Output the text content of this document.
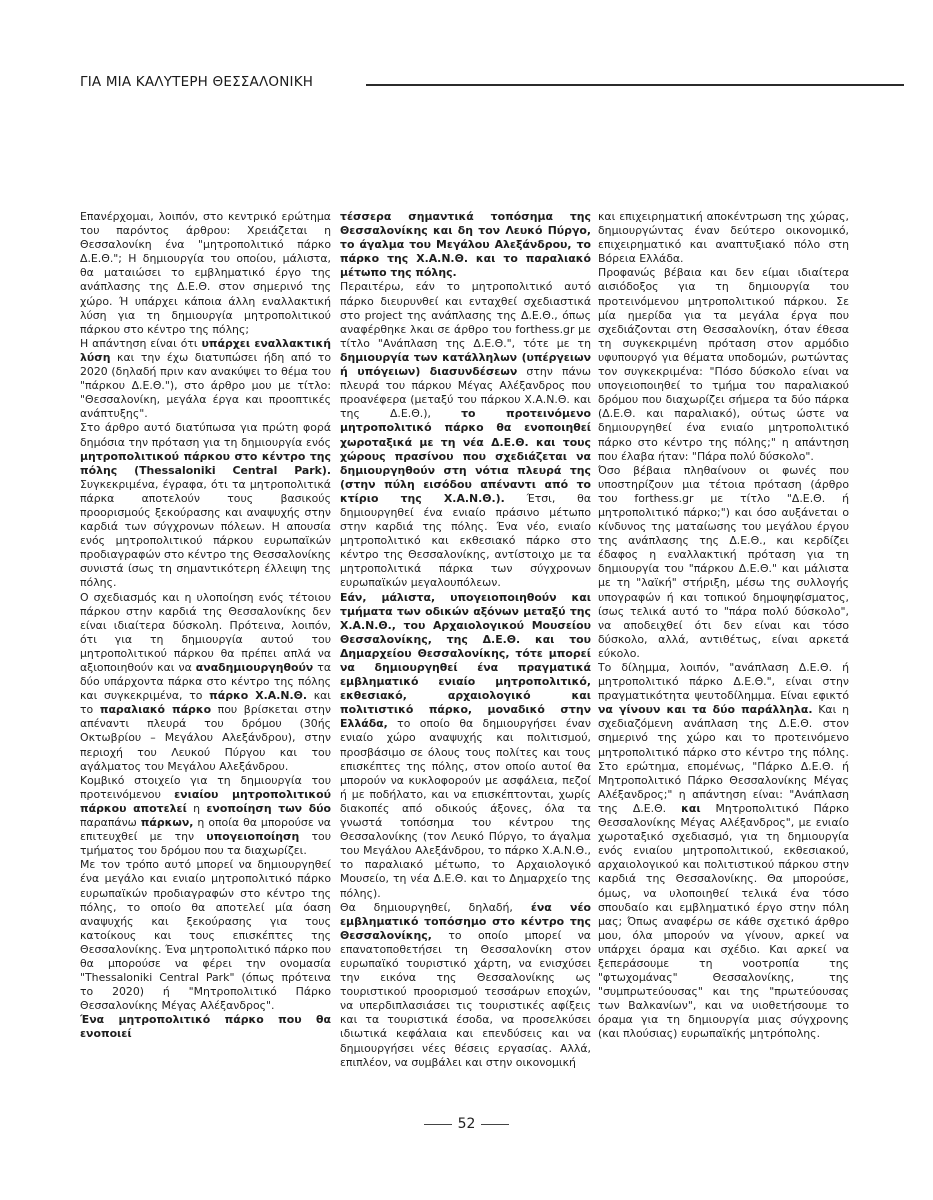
ΓΙΑ ΜΙΑ ΚΑΛΥΤΕΡΗ ΘΕΣΣΑΛΟΝΙΚΗ

Επανέρχομαι, λοιπόν, στο κεντρικό ερώτημα του παρόντος άρθρου: Χρειάζεται η Θεσσαλονίκη ένα "μητροπολιτικό πάρκο Δ.Ε.Θ."; Η δημιουργία του οποίου, μάλιστα, θα ματαιώσει το εμβληματικό έργο της ανάπλασης της Δ.Ε.Θ. στον σημερινό της χώρο. Ή υπάρχει κάποια άλλη εναλλακτική λύση για τη δημιουργία μητροπολιτικού πάρκου στο κέντρο της πόλης;

Η απάντηση είναι ότι υπάρχει εναλλακτική λύση και την έχω διατυπώσει ήδη από το 2020 (δηλαδή πριν καν ανακύψει το θέμα του "πάρκου Δ.Ε.Θ."), στο άρθρο μου με τίτλο: "Θεσσαλονίκη, μεγάλα έργα και προοπτικές ανάπτυξης".

Στο άρθρο αυτό διατύπωσα για πρώτη φορά δημόσια την πρόταση για τη δημιουργία ενός μητροπολιτικού πάρκου στο κέντρο της πόλης (Thessaloniki Central Park). Συγκεκριμένα, έγραφα, ότι τα μητροπολιτικά πάρκα αποτελούν τους βασικούς προορισμούς ξεκούρασης και αναψυχής στην καρδιά των σύγχρονων πόλεων. Η απουσία ενός μητροπολιτικού πάρκου ευρωπαϊκών προδιαγραφών στο κέντρο της Θεσσαλονίκης συνιστά ίσως τη σημαντικότερη έλλειψη της πόλης.

Ο σχεδιασμός και η υλοποίηση ενός τέτοιου πάρκου στην καρδιά της Θεσσαλονίκης δεν είναι ιδιαίτερα δύσκολη. Πρότεινα, λοιπόν, ότι για τη δημιουργία αυτού του μητροπολιτικού πάρκου θα πρέπει απλά να αξιοποιηθούν και να αναδημιουργηθούν τα δύο υπάρχοντα πάρκα στο κέντρο της πόλης και συγκεκριμένα, το πάρκο Χ.Α.Ν.Θ. και το παραλιακό πάρκο που βρίσκεται στην απέναντι πλευρά του δρόμου (30ής Οκτωβρίου – Μεγάλου Αλεξάνδρου), στην περιοχή του Λευκού Πύργου και του αγάλματος του Μεγάλου Αλεξάνδρου.

Κομβικό στοιχείο για τη δημιουργία του προτεινόμενου ενιαίου μητροπολιτικού πάρκου αποτελεί η ενοποίηση των δύο παραπάνω πάρκων, η οποία θα μπορούσε να επιτευχθεί με την υπογειοποίηση του τμήματος του δρόμου που τα διαχωρίζει.

Με τον τρόπο αυτό μπορεί να δημιουργηθεί ένα μεγάλο και ενιαίο μητροπολιτικό πάρκο ευρωπαϊκών προδιαγραφών στο κέντρο της πόλης, το οποίο θα αποτελεί μία όαση αναψυχής και ξεκούρασης για τους κατοίκους και τους επισκέπτες της Θεσσαλονίκης. Ένα μητροπολιτικό πάρκο που θα μπορούσε να φέρει την ονομασία "Thessaloniki Central Park" (όπως πρότεινα το 2020) ή "Μητροπολιτικό Πάρκο Θεσσαλονίκης Μέγας Αλέξανδρος".

Ένα μητροπολιτικό πάρκο που θα ενοποιεί

τέσσερα σημαντικά τοπόσημα της Θεσσαλονίκης και δη τον Λευκό Πύργο, το άγαλμα του Μεγάλου Αλεξάνδρου, το πάρκο της Χ.Α.Ν.Θ. και το παραλιακό μέτωπο της πόλης.

Περαιτέρω, εάν το μητροπολιτικό αυτό πάρκο διευρυνθεί και ενταχθεί σχεδιαστικά στο project της ανάπλασης της Δ.Ε.Θ., όπως αναφέρθηκε λκαι σε άρθρο του forthess.gr με τίτλο "Ανάπλαση της Δ.Ε.Θ.", τότε με τη δημιουργία των κατάλληλων (υπέργειων ή υπόγειων) διασυνδέσεων στην πάνω πλευρά του πάρκου Μέγας Αλέξανδρος που προανέφερα (μεταξύ του πάρκου Χ.Α.Ν.Θ. και της Δ.Ε.Θ.), το προτεινόμενο μητροπολιτικό πάρκο θα ενοποιηθεί χωροταξικά με τη νέα Δ.Ε.Θ. και τους χώρους πρασίνου που σχεδιάζεται να δημιουργηθούν στη νότια πλευρά της (στην πύλη εισόδου απέναντι από το κτίριο της Χ.Α.Ν.Θ.). Έτσι, θα δημιουργηθεί ένα ενιαίο πράσινο μέτωπο στην καρδιά της πόλης. Ένα νέο, ενιαίο μητροπολιτικό και εκθεσιακό πάρκο στο κέντρο της Θεσσαλονίκης, αντίστοιχο με τα μητροπολιτικά πάρκα των σύγχρονων ευρωπαϊκών μεγαλουπόλεων.

Εάν, μάλιστα, υπογειοποιηθούν και τμήματα των οδικών αξόνων μεταξύ της Χ.Α.Ν.Θ., του Αρχαιολογικού Μουσείου Θεσσαλονίκης, της Δ.Ε.Θ. και του Δημαρχείου Θεσσαλονίκης, τότε μπορεί να δημιουργηθεί ένα πραγματικά εμβληματικό ενιαίο μητροπολιτικό, εκθεσιακό, αρχαιολογικό και πολιτιστικό πάρκο, μοναδικό στην Ελλάδα, το οποίο θα δημιουργήσει έναν ενιαίο χώρο αναψυχής και πολιτισμού, προσβάσιμο σε όλους τους πολίτες και τους επισκέπτες της πόλης, στον οποίο αυτοί θα μπορούν να κυκλοφορούν με ασφάλεια, πεζοί ή με ποδήλατο, και να επισκέπτονται, χωρίς διακοπές από οδικούς άξονες, όλα τα γνωστά τοπόσημα του κέντρου της Θεσσαλονίκης (τον Λευκό Πύργο, το άγαλμα του Μεγάλου Αλεξάνδρου, το πάρκο Χ.Α.Ν.Θ., το παραλιακό μέτωπο, το Αρχαιολογικό Μουσείο, τη νέα Δ.Ε.Θ. και το Δημαρχείο της πόλης).

Θα δημιουργηθεί, δηλαδή, ένα νέο εμβληματικό τοπόσημο στο κέντρο της Θεσσαλονίκης, το οποίο μπορεί να επανατοποθετήσει τη Θεσσαλονίκη στον ευρωπαϊκό τουριστικό χάρτη, να ενισχύσει την εικόνα της Θεσσαλονίκης ως τουριστικού προορισμού τεσσάρων εποχών, να υπερδιπλασιάσει τις τουριστικές αφίξεις και τα τουριστικά έσοδα, να προσελκύσει ιδιωτικά κεφάλαια και επενδύσεις και να δημιουργήσει νέες θέσεις εργασίας. Αλλά, επιπλέον, να συμβάλει και στην οικονομική

και επιχειρηματική αποκέντρωση της χώρας, δημιουργώντας έναν δεύτερο οικονομικό, επιχειρηματικό και αναπτυξιακό πόλο στη Βόρεια Ελλάδα.

Προφανώς βέβαια και δεν είμαι ιδιαίτερα αισιόδοξος για τη δημιουργία του προτεινόμενου μητροπολιτικού πάρκου. Σε μία ημερίδα για τα μεγάλα έργα που σχεδιάζονται στη Θεσσαλονίκη, όταν έθεσα τη συγκεκριμένη πρόταση στον αρμόδιο υφυπουργό για θέματα υποδομών, ρωτώντας τον συγκεκριμένα: "Πόσο δύσκολο είναι να υπογειοποιηθεί το τμήμα του παραλιακού δρόμου που διαχωρίζει σήμερα τα δύο πάρκα (Δ.Ε.Θ. και παραλιακό), ούτως ώστε να δημιουργηθεί ένα ενιαίο μητροπολιτικό πάρκο στο κέντρο της πόλης;" η απάντηση που έλαβα ήταν: "Πάρα πολύ δύσκολο".

Όσο βέβαια πληθαίνουν οι φωνές που υποστηρίζουν μια τέτοια πρόταση (άρθρο του forthess.gr με τίτλο "Δ.Ε.Θ. ή μητροπολιτικό πάρκο;") και όσο αυξάνεται ο κίνδυνος της ματαίωσης του μεγάλου έργου της ανάπλασης της Δ.Ε.Θ., και κερδίζει έδαφος η εναλλακτική πρόταση για τη δημιουργία του "πάρκου Δ.Ε.Θ." και μάλιστα με τη "λαϊκή" στήριξη, μέσω της συλλογής υπογραφών ή και τοπικού δημοψηφίσματος, ίσως τελικά αυτό το "πάρα πολύ δύσκολο", να αποδειχθεί ότι δεν είναι και τόσο δύσκολο, αλλά, αντιθέτως, είναι αρκετά εύκολο.

Το δίλημμα, λοιπόν, "ανάπλαση Δ.Ε.Θ. ή μητροπολιτικό πάρκο Δ.Ε.Θ.", είναι στην πραγματικότητα ψευτοδίλημμα. Είναι εφικτό να γίνουν και τα δύο παράλληλα. Και η σχεδιαζόμενη ανάπλαση της Δ.Ε.Θ. στον σημερινό της χώρο και το προτεινόμενο μητροπολιτικό πάρκο στο κέντρο της πόλης. Στο ερώτημα, επομένως, "Πάρκο Δ.Ε.Θ. ή Μητροπολιτικό Πάρκο Θεσσαλονίκης Μέγας Αλέξανδρος;" η απάντηση είναι: "Ανάπλαση της Δ.Ε.Θ. και Μητροπολιτικό Πάρκο Θεσσαλονίκης Μέγας Αλέξανδρος", με ενιαίο χωροταξικό σχεδιασμό, για τη δημιουργία ενός ενιαίου μητροπολιτικού, εκθεσιακού, αρχαιολογικού και πολιτιστικού πάρκου στην καρδιά της Θεσσαλονίκης. Θα μπορούσε, όμως, να υλοποιηθεί τελικά ένα τόσο σπουδαίο και εμβληματικό έργο στην πόλη μας; Όπως αναφέρω σε κάθε σχετικό άρθρο μου, όλα μπορούν να γίνουν, αρκεί να υπάρχει όραμα και σχέδιο. Και αρκεί να ξεπεράσουμε τη νοοτροπία της "φτωχομάνας" Θεσσαλονίκης, της "συμπρωτεύουσας" και της "πρωτεύουσας των Βαλκανίων", και να υιοθετήσουμε το όραμα για τη δημιουργία μιας σύγχρονης (και πλούσιας) ευρωπαϊκής μητρόπολης.

52
